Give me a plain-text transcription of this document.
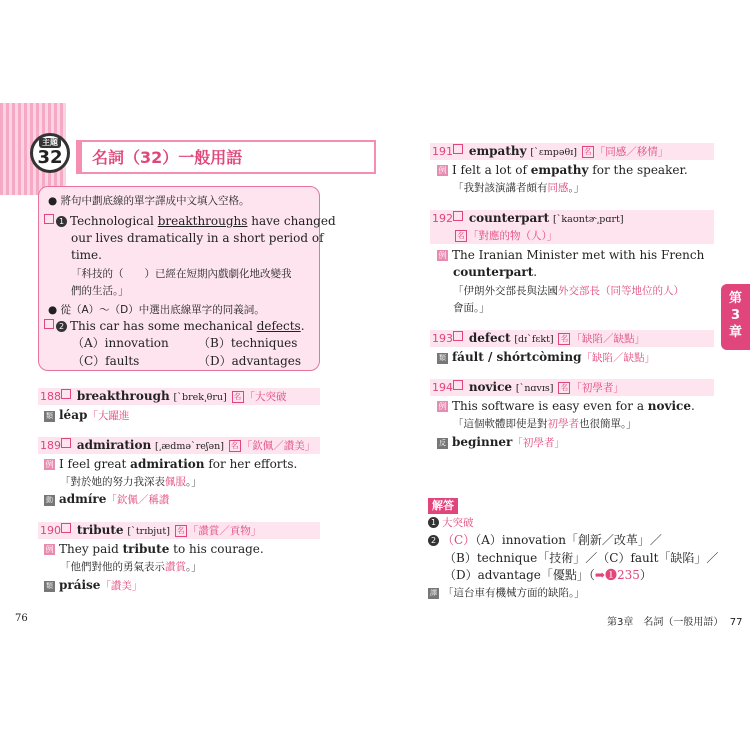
主題
32 名詞（32）一般用語
● 將句中劃底線的單字譯成中文填入空格。
1 Technological breakthroughs have changed
our lives dramatically in a short period of
time.
「科技的（　　）已經在短期內戲劇化地改變我
們的生活。」
● 從（A）～（D）中選出底線單字的同義詞。
2 This car has some mechanical defects.
（A）innovation （B）techniques
（C）faults	（D）advantages
188 breakthrough [ˋbrek͵θru] 名 「大突破
類 léap「大躍進
189 admiration [͵ædməˋreʃən] 名 「欽佩／讚美」
例 I feel great admiration for her efforts.
「對於她的努力我深表佩服。」
動 admíre「欽佩／稱讚
190 tribute [ˋtrɪbjut] 名 「讚賞／貢物」
例 They paid tribute to his courage.
「他們對他的勇氣表示讚賞。」
類 práise「讚美」
191 empathy [ˋɛmpəθɪ] 名 「同感／移情」
例 I felt a lot of empathy for the speaker.
「我對該演講者頗有同感。」
192 counterpart [ˋkaʊntɚ͵pɑrt]
名 「對應的物（人）」
例 The Iranian Minister met with his French
counterpart.
「伊朗外交部長與法國外交部長（同等地位的人）
會面。」
193 defect [dɪˋfɛkt] 名 「缺陷／缺點」
類 fáult / shórtcòming「缺陷／缺點」
194 novice [ˋnɑvɪs] 名 「初學者」
例 This software is easy even for a novice.
「這個軟體即使是對初學者也很簡單。」
反 beginner「初學者」
第
3
章
解答
1 大突破
2 （C）（A）innovation「創新／改革」／
（B）technique「技術」／（C）fault「缺陷」／
（D）advantage「優點」（➡❶235）
譯 「這台車有機械方面的缺陷。」
76	第3章　名詞（一般用語） 77
